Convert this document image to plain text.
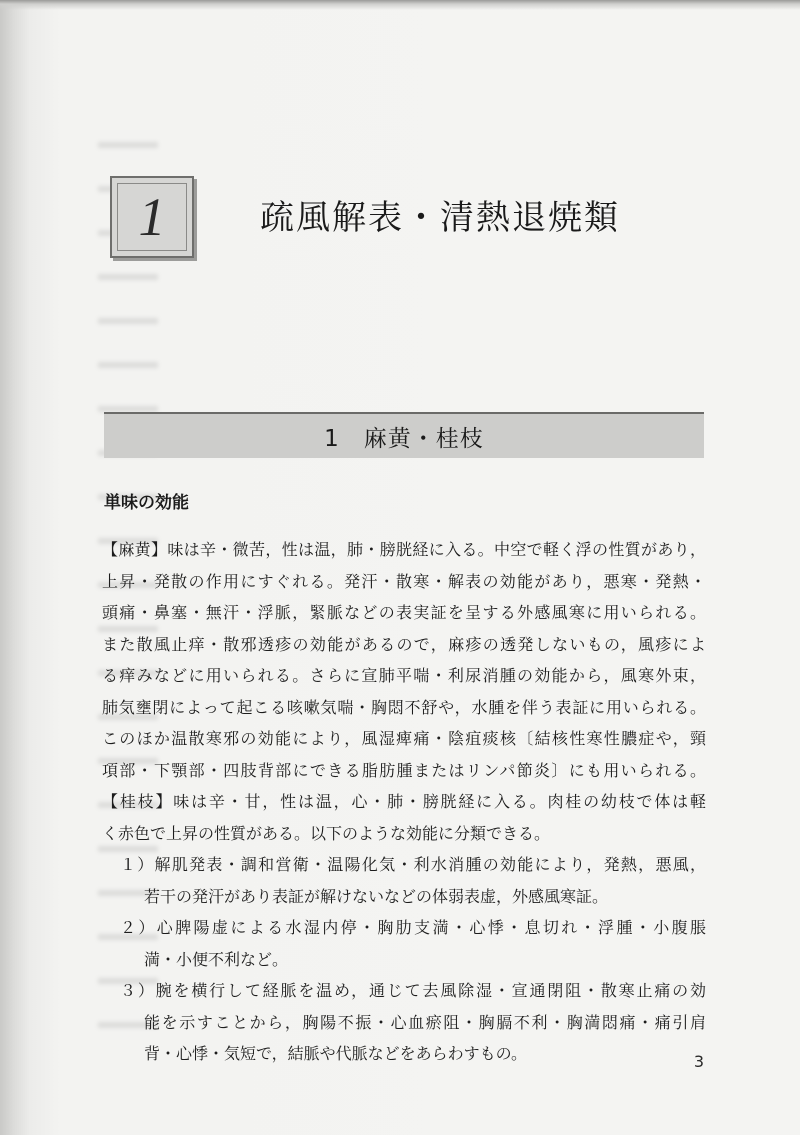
1	疏風解表・清熱退焼類
1　麻黄・桂枝
単味の効能
【麻黄】味は辛・微苦，性は温，肺・膀胱経に入る。中空で軽く浮の性質があり，
上昇・発散の作用にすぐれる。発汗・散寒・解表の効能があり，悪寒・発熱・
頭痛・鼻塞・無汗・浮脈，緊脈などの表実証を呈する外感風寒に用いられる。
また散風止痒・散邪透疹の効能があるので，麻疹の透発しないもの，風疹によ
る痒みなどに用いられる。さらに宣肺平喘・利尿消腫の効能から，風寒外束，
肺気壅閉によって起こる咳嗽気喘・胸悶不舒や，水腫を伴う表証に用いられる。
このほか温散寒邪の効能により，風湿痺痛・陰疽痰核〔結核性寒性膿症や，頸
項部・下顎部・四肢背部にできる脂肪腫またはリンパ節炎〕にも用いられる。
【桂枝】味は辛・甘，性は温，心・肺・膀胱経に入る。肉桂の幼枝で体は軽
く赤色で上昇の性質がある。以下のような効能に分類できる。
１）解肌発表・調和営衛・温陽化気・利水消腫の効能により，発熱，悪風，
若干の発汗があり表証が解けないなどの体弱表虚，外感風寒証。
２）心脾陽虚による水湿内停・胸肋支満・心悸・息切れ・浮腫・小腹脹
満・小便不利など。
３）腕を横行して経脈を温め，通じて去風除湿・宣通閉阻・散寒止痛の効
能を示すことから，胸陽不振・心血瘀阻・胸膈不利・胸満悶痛・痛引肩
背・心悸・気短で，結脈や代脈などをあらわすもの。	3
